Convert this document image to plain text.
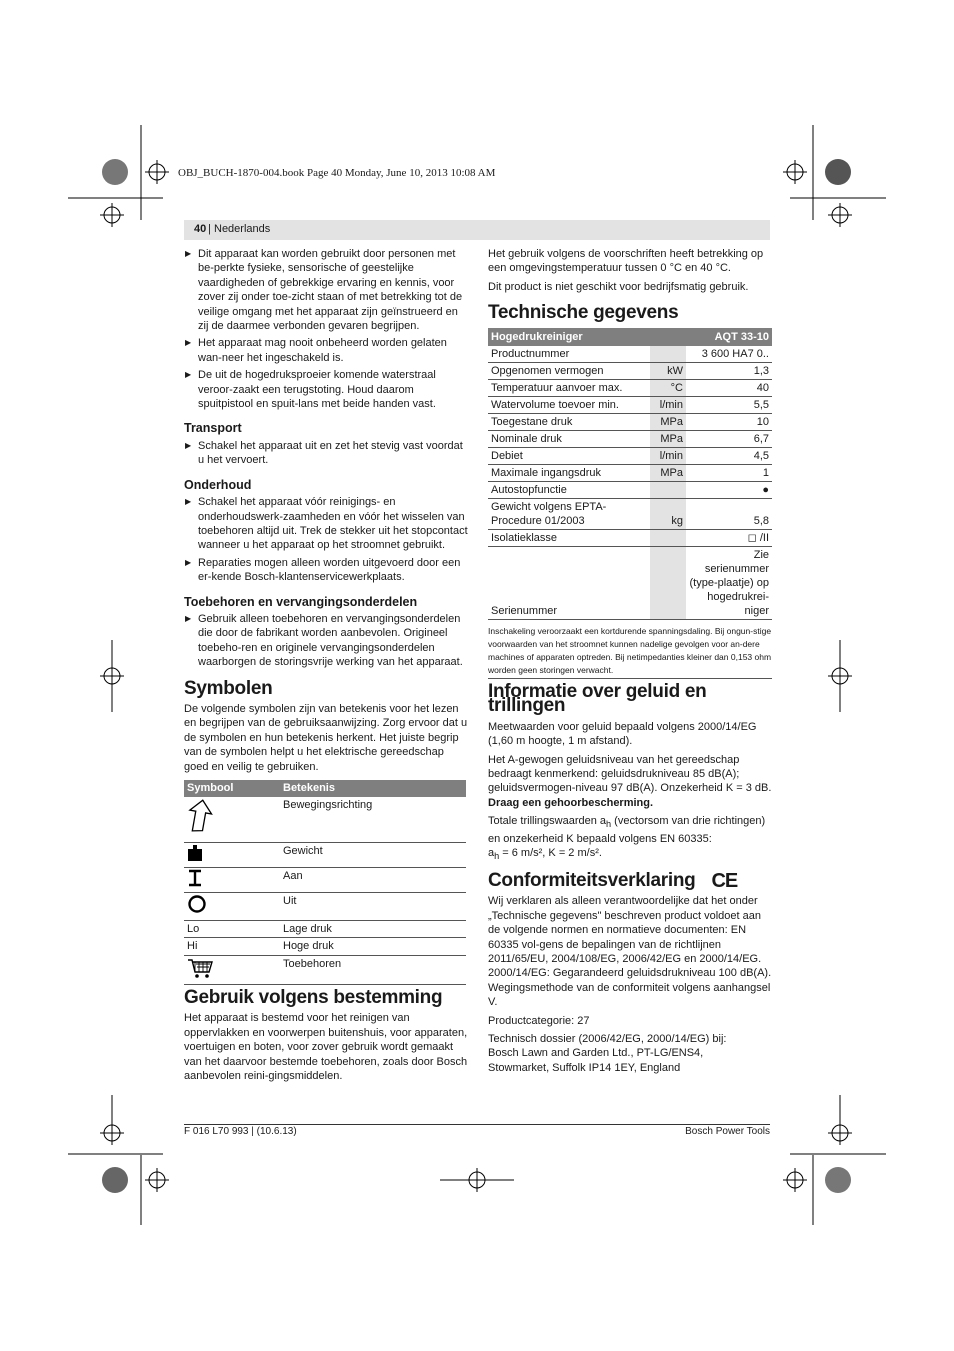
OBJ_BUCH-1870-004.book Page 40 Monday, June 10, 2013 10:08 AM
40 | Nederlands

▶ Dit apparaat kan worden gebruikt door personen met be-perkte fysieke, sensorische of geestelijke vaardigheden of gebrekkige ervaring en kennis, voor zover zij onder toe-zicht staan of met betrekking tot de veilige omgang met het apparaat zijn geïnstrueerd en zij de daarmee verbonden gevaren begrijpen.

▶ Het apparaat mag nooit onbeheerd worden gelaten wan-neer het ingeschakeld is.

▶ De uit de hogedruksproeier komende waterstraal veroor-zaakt een terugstoting. Houd daarom spuitpistool en spuit-lans met beide handen vast.

Transport

▶ Schakel het apparaat uit en zet het stevig vast voordat u het vervoert.

Onderhoud

▶ Schakel het apparaat vóór reinigings- en onderhoudswerk-zaamheden en vóór het wisselen van toebehoren altijd uit. Trek de stekker uit het stopcontact wanneer u het apparaat op het stroomnet gebruikt.

▶ Reparaties mogen alleen worden uitgevoerd door een er-kende Bosch-klantenservicewerkplaats.

Toebehoren en vervangingsonderdelen

▶ Gebruik alleen toebehoren en vervangingsonderdelen die door de fabrikant worden aanbevolen. Origineel toebeho-ren en originele vervangingsonderdelen waarborgen de storingsvrije werking van het apparaat.

Symbolen

De volgende symbolen zijn van betekenis voor het lezen en begrijpen van de gebruiksaanwijzing. Zorg ervoor dat u de symbolen en hun betekenis herkent. Het juiste begrip van de symbolen helpt u het elektrische gereedschap goed en veilig te gebruiken.

Symbool	Betekenis
	Bewegingsrichting
	Gewicht
	Aan
	Uit
Lo	Lage druk
Hi	Hoge druk
	Toebehoren
Gebruik volgens bestemming

Het apparaat is bestemd voor het reinigen van oppervlakken en voorwerpen buitenshuis, voor apparaten, voertuigen en boten, voor zover gebruik wordt gemaakt van het daarvoor bestemde toebehoren, zoals door Bosch aanbevolen reini-gingsmiddelen.

Het gebruik volgens de voorschriften heeft betrekking op een omgevingstemperatuur tussen 0 °C en 40 °C.

Dit product is niet geschikt voor bedrijfsmatig gebruik.

Technische gegevens
Hogedrukreiniger		AQT 33-10
Productnummer		3 600 HA7 0..
Opgenomen vermogen	kW	1,3
Temperatuur aanvoer max.	°C	40
Watervolume toevoer min.	l/min	5,5
Toegestane druk	MPa	10
Nominale druk	MPa	6,7
Debiet	l/min	4,5
Maximale ingangsdruk	MPa	1
Autostopfunctie		●
Gewicht volgens EPTA-Procedure 01/2003	kg	5,8
Isolatieklasse		◻ /II
Serienummer		Zie serienummer (type-plaatje) op hogedrukrei-niger

Inschakeling veroorzaakt een kortdurende spanningsdaling. Bij ongun-stige voorwaarden van het stroomnet kunnen nadelige gevolgen voor an-dere machines of apparaten optreden. Bij netimpedanties kleiner dan 0,153 ohm worden geen storingen verwacht.

Informatie over geluid en trillingen

Meetwaarden voor geluid bepaald volgens 2000/14/EG (1,60 m hoogte, 1 m afstand).

Het A-gewogen geluidsniveau van het gereedschap bedraagt kenmerkend: geluidsdrukniveau 85 dB(A); geluidsvermogen-niveau 97 dB(A). Onzekerheid K = 3 dB.

Draag een gehoorbescherming.

Totale trillingswaarden $a_h$ (vectorsom van drie richtingen) en onzekerheid K bepaald volgens EN 60335:
$a_h = 6$ m/s², K = 2 m/s².

Conformiteitsverklaring CE

Wij verklaren als alleen verantwoordelijke dat het onder „Technische gegevens" beschreven product voldoet aan de volgende normen en normatieve documenten: EN 60335 vol-gens de bepalingen van de richtlijnen 2011/65/EU, 2004/108/EG, 2006/42/EG en 2000/14/EG.

2000/14/EG: Gegarandeerd geluidsdrukniveau 100 dB(A). Wegingsmethode van de conformiteit volgens aanhangsel V.

Productcategorie: 27

Technisch dossier (2006/42/EG, 2000/14/EG) bij:

Bosch Lawn and Garden Ltd., PT-LG/ENS4,

Stowmarket, Suffolk IP14 1EY, England

F 016 L70 993 | (10.6.13)	Bosch Power Tools
